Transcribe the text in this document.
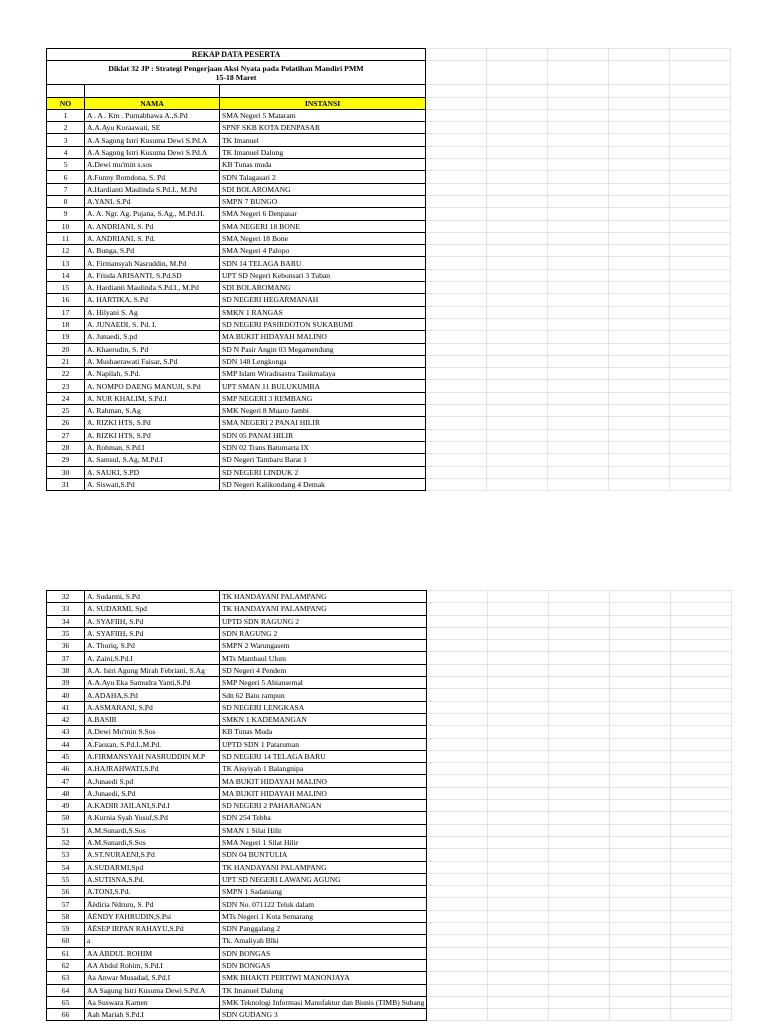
REKAP DATA PESERTA							

Diklat 32 JP : Strategi Pengerjaan Aksi Nyata pada Pelatihan Mandiri PMM
15-18 Maret							

NO	NAMA	INSTANSI					
1	A . A . Km . Purnabhawa A.,S.Pd	SMA Negeri 5 Mataram					
2	A.A.Ayu Koraawati, SE	SPNF SKB KOTA DENPASAR					
3	A.A Sagung Istri Kusuma Dewi S.Pd.A	TK Imanuel					
4	A.A Sagung Istri Kusuma Dewi S.Pd.A	TK Imanuel Dalung					
5	A.Dewi mu'min s.sos	KB Tunas muda					
6	A.Funny Romdona, S. Pd	SDN Talagasari 2					
7	A.Hardianti Maulinda S.Pd.I., M.Pd	SDI BOLAROMANG					
8	A.YANI. S.Pd	SMPN 7 BUNGO					
9	A. A. Ngr. Ag. Pujana, S.Ag., M.Pd.H.	SMA Negeri 6 Denpasar					
10	A. ANDRIANI, S. Pd	SMA NEGERI 18 BONE					
11	A. ANDRIANI, S. Pd.	SMA Negeri 18 Bone					
12	A. Bunga, S.Pd	SMA Negeri 4 Palopo					
13	A. Firmansyah Nasruddin, M.Pd	SDN 14 TELAGA BARU					
14	A. Frisda ARISANTI, S.Pd.SD	UPT SD Negeri Kebonsari 3 Tuban					
15	A. Hardianti Maulinda S.Pd.I., M.Pd	SDI BOLAROMANG					
16	A. HARTIKA, S.Pd	SD NEGERI HEGARMANAH					
17	A. Hilyani S. Ag	SMKN 1 RANGAS					
18	A. JUNAEDI, S. Pd. I.	SD NEGERI PASIRDOTON SUKABUMI					
19	A. Junaedi, S.pd	MA BUKIT HIDAYAH MALINO					
20	A. Khaerudin, S. Pd	SD N Pasir Angin 03 Megamendung					
21	A. Mushaerawati Faisar, S.Pd	SDN 148 Lengkonga					
22	A. Napilah, S.Pd.	SMP Islam Wiradisastra Tasikmalaya					
23	A. NOMPO DAENG MANUJI, S.Pd	UPT SMAN 11 BULUKUMBA					
24	A. NUR KHALIM, S.Pd.I	SMP NEGERI 3 REMBANG					
25	A. Rahman, S.Ag	SMK Negeri 8 Muaro Jambi					
26	A. RIZKI HTS, S.Pd	SMA NEGERI 2 PANAI HILIR					
27	A. RIZKI HTS, S.Pd	SDN 05 PANAI HILIR					
28	A. Rohman, S.Pd.I	SDN 02 Trans Batumarta IX					
29	A. Samsul, S.Ag, M.Pd.I	SD Negeri Tambaru Barat 1					
30	A. SAUKI, S.PD	SD NEGERI LINDUK 2					
31	A. Siswati,S.Pd	SD Negeri Kalikondang 4 Demak					
32	A. Sudarmi, S.Pd	TK HANDAYANI PALAMPANG					
33	A. SUDARMI, Spd	TK HANDAYANI PALAMPANG					
34	A. SYAFIIH, S.Pd	UPTD SDN RAGUNG 2					
35	A. SYAFIIH, S.Pd	SDN RAGUNG 2					
36	A. Thoriq, S.Pd	SMPN 2 Warungasem					
37	A. Zaini,S.Pd.I	MTs Mambaul Ulum					
38	A.A. Istri Agung Mirah Febriani, S.Ag	SD Negeri 4 Pendem					
39	A.A.Ayu Eka Samudra Yanti,S.Pd	SMP Negeri 5 Abiansemal					
40	A.ADAHA,S.Pd	Sdn 62 Batu rampun					
41	A.ASMARANI, S.Pd	SD NEGERI LENGKASA					
42	A.BASIR	SMKN 1 KADEMANGAN					
43	A.Dewi Mu'min S.Sos	KB Tunas Muda					
44	A.Faozan, S.Pd.I.,M.Pd.	UPTD SDN 1 Pataruman					
45	A.FIRMANSYAH NASRUDDIN M.P	SD NEGERI 14 TELAGA BARU					
46	A.HAJRAHWATI,S.Pd	TK Aisyiyah 1 Balangnipa					
47	A.Junaedi S.pd	MA BUKIT HIDAYAH MALINO					
48	A.Junaedi, S.Pd	MA BUKIT HIDAYAH MALINO					
49	A.KADIR JAILANI,S.Pd.I	SD NEGERI 2 PAHARANGAN					
50	A.Kurnia Syah Yusuf,S.Pd	SDN 254 Tebba					
51	A.M.Sunardi,S.Sos	SMAN 1 Silat Hilir					
52	A.M.Sunardi,S.Sos	SMA Negeri 1 Silat Hilir					
53	A.ST.NURAENI,S.Pd	SDN 04 BUNTULIA					
54	A.SUDARMI,Spd	TK HANDAYANI PALAMPANG					
55	A.SUTISNA,S.Pd.	UPT SD NEGERI LAWANG AGUNG					
56	A.TONI,S.Pd.	SMPN 1 Sadaniang					
57	Äëdiria Ndruru, S. Pd	SDN No. 071122 Teluk dalam					
58	ÄËNDY FAHRUDIN,S.Psi	MTs Negeri 1 Kota Semarang					
59	ÄËSEP IRPAN RAHAYU,S.Pd	SDN Panggalang 2					
60	a	Tk. Amaliyah Blki					
61	AA ABDUL ROHIM	SDN BONGAS					
62	AA Abdul Rohim, S.Pd.I	SDN BONGAS					
63	Aa Anwar Musadad, S.Pd.I	SMK BHAKTI PERTIWI MANONJAYA					
64	AA Sagung Istri Kusuma Dewi S.Pd.A	TK Imanuel Dalung					
65	Aa Suswara Karnen	SMK Teknologi Informasi Manufaktur dan Bisnis (TIMB) Subang					
66	Aah Mariah S.Pd.I	SDN GUDANG 3					
